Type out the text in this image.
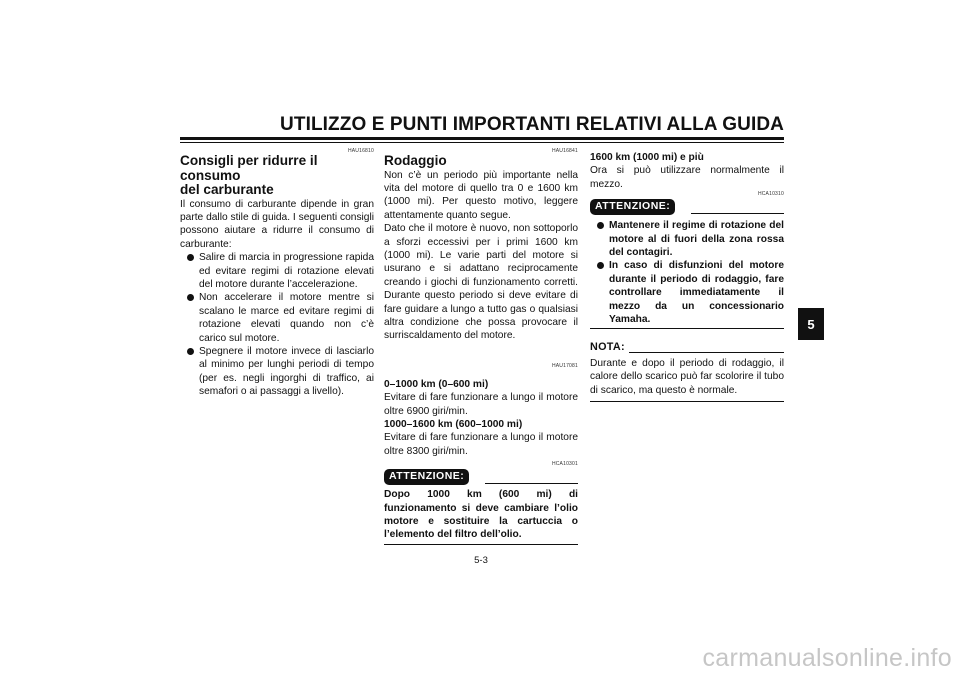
UTILIZZO E PUNTI IMPORTANTI RELATIVI ALLA GUIDA
5
HAU16810
Consigli per ridurre il consumo
del carburante

Il consumo di carburante dipende in gran parte dallo stile di guida. I seguenti consigli possono aiutare a ridurre il consumo di carburante:

Salire di marcia in progressione rapida ed evitare regimi di rotazione elevati del motore durante l’accelerazione.
Non accelerare il motore mentre si scalano le marce ed evitare regimi di rotazione elevati quando non c’è carico sul motore.
Spegnere il motore invece di lasciarlo al minimo per lunghi periodi di tempo (per es. negli ingorghi di traffico, ai semafori o ai passaggi a livello).
HAU16841
Rodaggio

Non c’è un periodo più importante nella vita del motore di quello tra 0 e 1600 km (1000 mi). Per questo motivo, leggere attentamente quanto segue.

Dato che il motore è nuovo, non sottoporlo a sforzi eccessivi per i primi 1600 km (1000 mi). Le varie parti del motore si usurano e si adattano reciprocamente creando i giochi di funzionamento corretti. Durante questo periodo si deve evitare di fare guidare a lungo a tutto gas o qualsiasi altra condizione che possa provocare il surriscaldamento del motore.

HAU17081
0–1000 km (0–600 mi)

Evitare di fare funzionare a lungo il motore oltre 6900 giri/min.

1000–1600 km (600–1000 mi)

Evitare di fare funzionare a lungo il motore oltre 8300 giri/min.

HCA10301
ATTENZIONE:

Dopo 1000 km (600 mi) di funzionamento si deve cambiare l’olio motore e sostituire la cartuccia o l’elemento del filtro dell’olio.

1600 km (1000 mi) e più

Ora si può utilizzare normalmente il mezzo.

HCA10310
ATTENZIONE:
Mantenere il regime di rotazione del motore al di fuori della zona rossa del contagiri.
In caso di disfunzioni del motore durante il periodo di rodaggio, fare controllare immediatamente il mezzo da un concessionario Yamaha.
NOTA:

Durante e dopo il periodo di rodaggio, il calore dello scarico può far scolorire il tubo di scarico, ma questo è normale.

5-3
carmanualsonline.info
